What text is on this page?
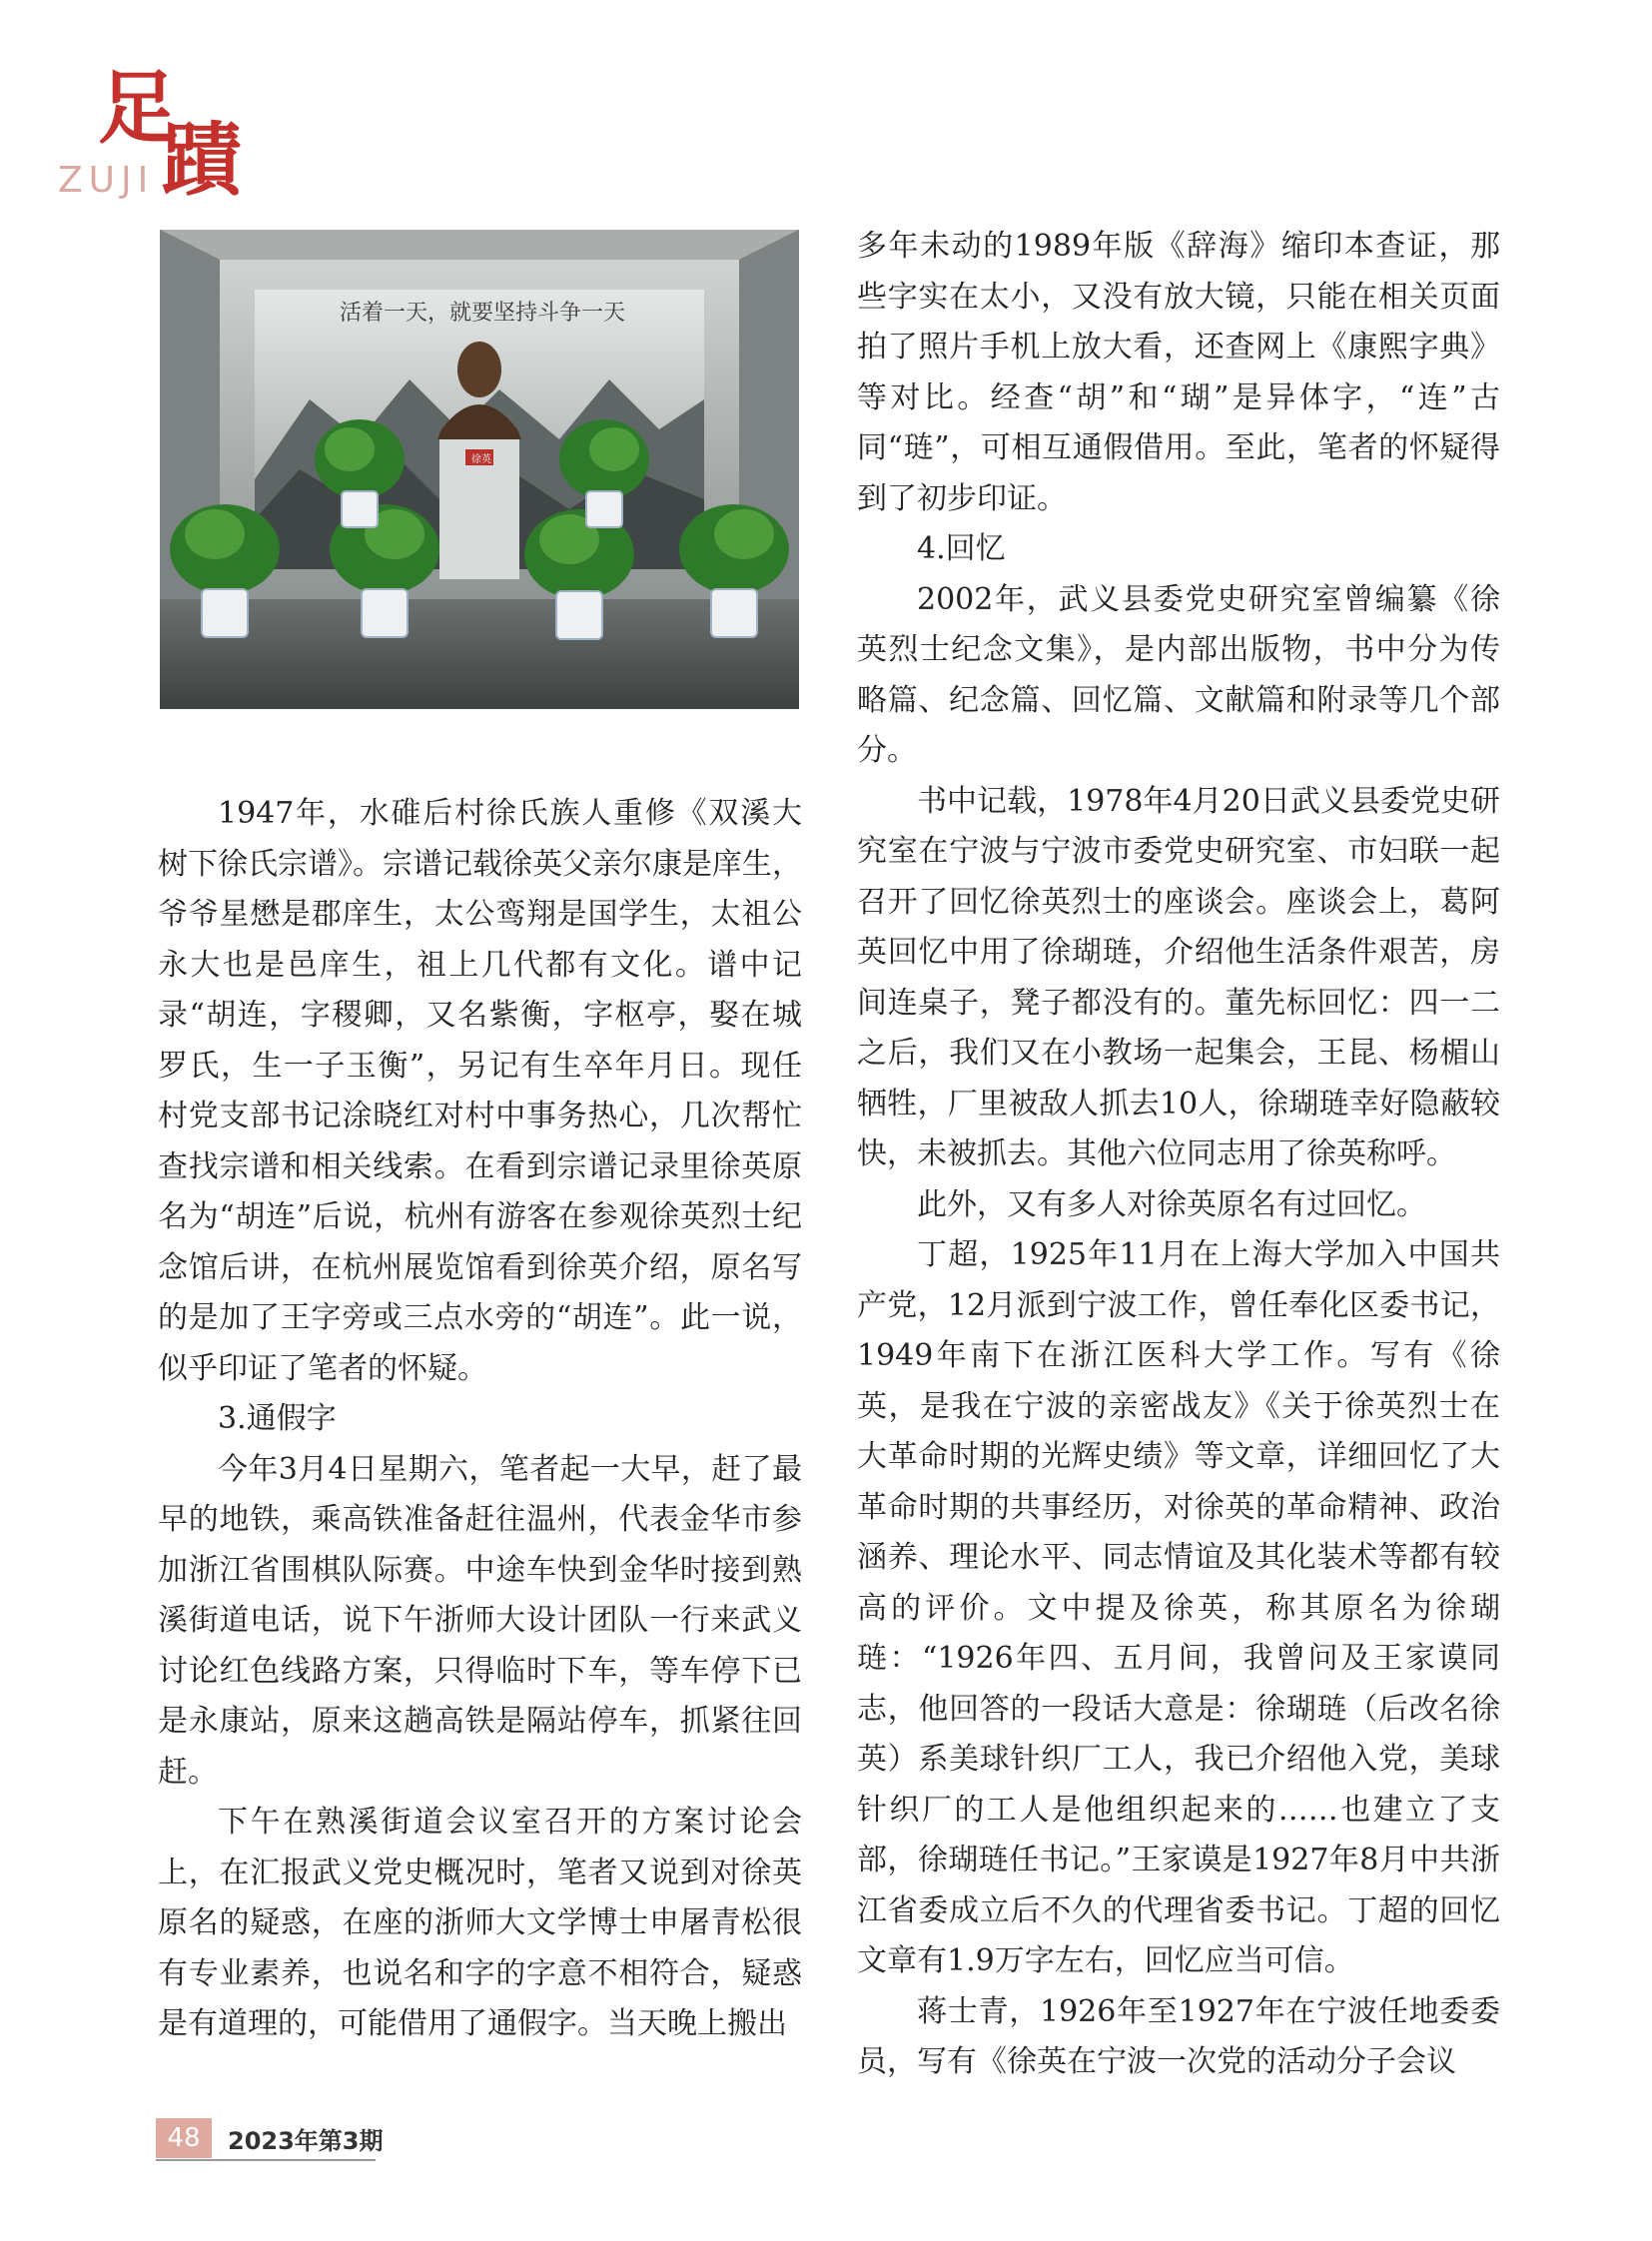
足
蹟
ZUJI
活着一天，就要坚持斗争一天
徐英

1947年，水碓后村徐氏族人重修《双溪大树下徐氏宗谱》。宗谱记载徐英父亲尔康是庠生，爷爷星懋是郡庠生，太公鸾翔是国学生，太祖公永大也是邑庠生，祖上几代都有文化。谱中记录“胡连，字稷卿，又名紫衡，字枢亭，娶在城罗氏，生一子玉衡”，另记有生卒年月日。现任村党支部书记涂晓红对村中事务热心，几次帮忙查找宗谱和相关线索。在看到宗谱记录里徐英原名为“胡连”后说，杭州有游客在参观徐英烈士纪念馆后讲，在杭州展览馆看到徐英介绍，原名写的是加了王字旁或三点水旁的“胡连”。此一说，似乎印证了笔者的怀疑。

3.通假字

今年3月4日星期六，笔者起一大早，赶了最早的地铁，乘高铁准备赶往温州，代表金华市参加浙江省围棋队际赛。中途车快到金华时接到熟溪街道电话，说下午浙师大设计团队一行来武义讨论红色线路方案，只得临时下车，等车停下已是永康站，原来这趟高铁是隔站停车，抓紧往回赶。

下午在熟溪街道会议室召开的方案讨论会上，在汇报武义党史概况时，笔者又说到对徐英原名的疑惑，在座的浙师大文学博士申屠青松很有专业素养，也说名和字的字意不相符合，疑惑是有道理的，可能借用了通假字。当天晚上搬出

多年未动的1989年版《辞海》缩印本查证，那些字实在太小，又没有放大镜，只能在相关页面拍了照片手机上放大看，还查网上《康熙字典》等对比。经查“胡”和“瑚”是异体字，“连”古同“琏”，可相互通假借用。至此，笔者的怀疑得到了初步印证。

4.回忆

2002年，武义县委党史研究室曾编纂《徐英烈士纪念文集》，是内部出版物，书中分为传略篇、纪念篇、回忆篇、文献篇和附录等几个部分。

书中记载，1978年4月20日武义县委党史研究室在宁波与宁波市委党史研究室、市妇联一起召开了回忆徐英烈士的座谈会。座谈会上，葛阿英回忆中用了徐瑚琏，介绍他生活条件艰苦，房间连桌子，凳子都没有的。董先标回忆：四一二之后，我们又在小教场一起集会，王昆、杨楣山牺牲，厂里被敌人抓去10人，徐瑚琏幸好隐蔽较快，未被抓去。其他六位同志用了徐英称呼。

此外，又有多人对徐英原名有过回忆。

丁超，1925年11月在上海大学加入中国共产党，12月派到宁波工作，曾任奉化区委书记，1949年南下在浙江医科大学工作。写有《徐英，是我在宁波的亲密战友》《关于徐英烈士在大革命时期的光辉史绩》等文章，详细回忆了大革命时期的共事经历，对徐英的革命精神、政治涵养、理论水平、同志情谊及其化装术等都有较高的评价。文中提及徐英，称其原名为徐瑚琏：“1926年四、五月间，我曾问及王家谟同志，他回答的一段话大意是：徐瑚琏（后改名徐英）系美球针织厂工人，我已介绍他入党，美球针织厂的工人是他组织起来的……也建立了支部，徐瑚琏任书记。”王家谟是1927年8月中共浙江省委成立后不久的代理省委书记。丁超的回忆文章有1.9万字左右，回忆应当可信。

蒋士青，1926年至1927年在宁波任地委委员，写有《徐英在宁波一次党的活动分子会议

48	2023年第3期
